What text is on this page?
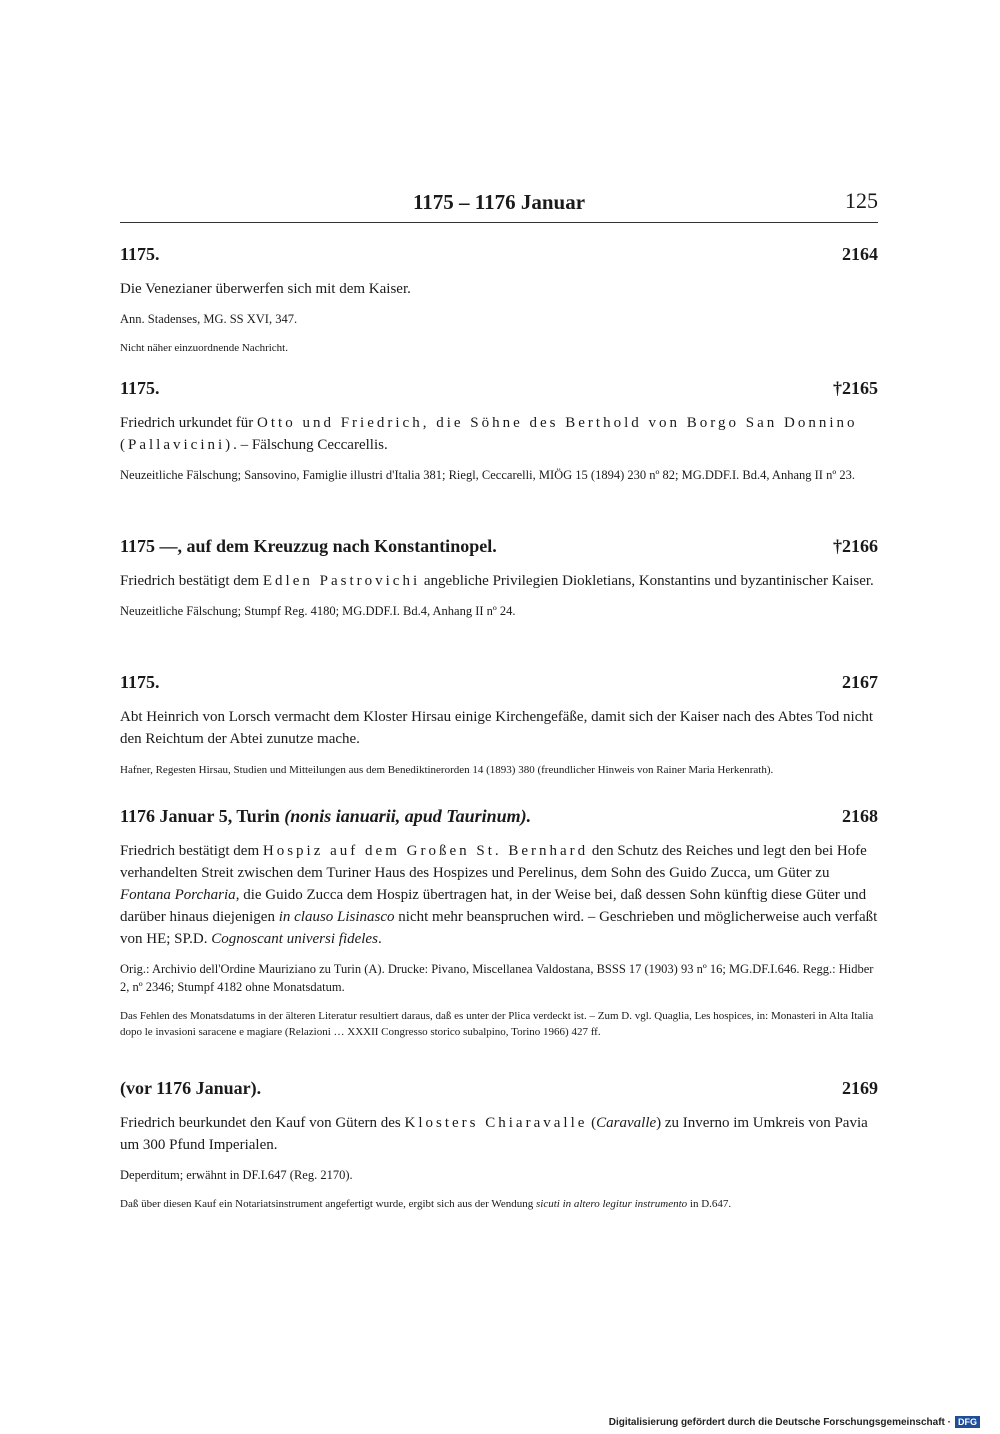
1175 – 1176 Januar	125
1175.	2164
Die Venezianer überwerfen sich mit dem Kaiser.
Ann. Stadenses, MG. SS XVI, 347.
Nicht näher einzuordnende Nachricht.
1175.	†2165
Friedrich urkundet für Otto und Friedrich, die Söhne des Berthold von Borgo San Donnino (Pallavicini). – Fälschung Ceccarellis.
Neuzeitliche Fälschung; Sansovino, Famiglie illustri d'Italia 381; Riegl, Ceccarelli, MIÖG 15 (1894) 230 nº 82; MG.DDF.I. Bd.4, Anhang II nº 23.
1175 ––, auf dem Kreuzzug nach Konstantinopel.	†2166
Friedrich bestätigt dem Edlen Pastrovichi angebliche Privilegien Diokletians, Konstantins und byzantinischer Kaiser.
Neuzeitliche Fälschung; Stumpf Reg. 4180; MG.DDF.I. Bd.4, Anhang II nº 24.
1175.	2167
Abt Heinrich von Lorsch vermacht dem Kloster Hirsau einige Kirchengefäße, damit sich der Kaiser nach des Abtes Tod nicht den Reichtum der Abtei zunutze mache.
Hafner, Regesten Hirsau, Studien und Mitteilungen aus dem Benediktinerorden 14 (1893) 380 (freundlicher Hinweis von Rainer Maria Herkenrath).
1176 Januar 5, Turin (nonis ianuarii, apud Taurinum).	2168
Friedrich bestätigt dem Hospiz auf dem Großen St. Bernhard den Schutz des Reiches und legt den bei Hofe verhandelten Streit zwischen dem Turiner Haus des Hospizes und Perelinus, dem Sohn des Guido Zucca, um Güter zu Fontana Porcharia, die Guido Zucca dem Hospiz übertragen hat, in der Weise bei, daß dessen Sohn künftig diese Güter und darüber hinaus diejenigen in clauso Lisinasco nicht mehr beanspruchen wird. – Geschrieben und möglicherweise auch verfaßt von HE; SP.D. Cognoscant universi fideles.
Orig.: Archivio dell'Ordine Mauriziano zu Turin (A). Drucke: Pivano, Miscellanea Valdostana, BSSS 17 (1903) 93 nº 16; MG.DF.I.646. Regg.: Hidber 2, nº 2346; Stumpf 4182 ohne Monatsdatum.
Das Fehlen des Monatsdatums in der älteren Literatur resultiert daraus, daß es unter der Plica verdeckt ist. – Zum D. vgl. Quaglia, Les hospices, in: Monasteri in Alta Italia dopo le invasioni saracene e magiare (Relazioni … XXXII Congresso storico subalpino, Torino 1966) 427 ff.
(vor 1176 Januar).	2169
Friedrich beurkundet den Kauf von Gütern des Klosters Chiaravalle (Caravalle) zu Inverno im Umkreis von Pavia um 300 Pfund Imperialen.
Deperditum; erwähnt in DF.I.647 (Reg. 2170).
Daß über diesen Kauf ein Notariatsinstrument angefertigt wurde, ergibt sich aus der Wendung sicuti in altero legitur instrumento in D.647.
Digitalisierung gefördert durch die Deutsche Forschungsgemeinschaft · DFG
